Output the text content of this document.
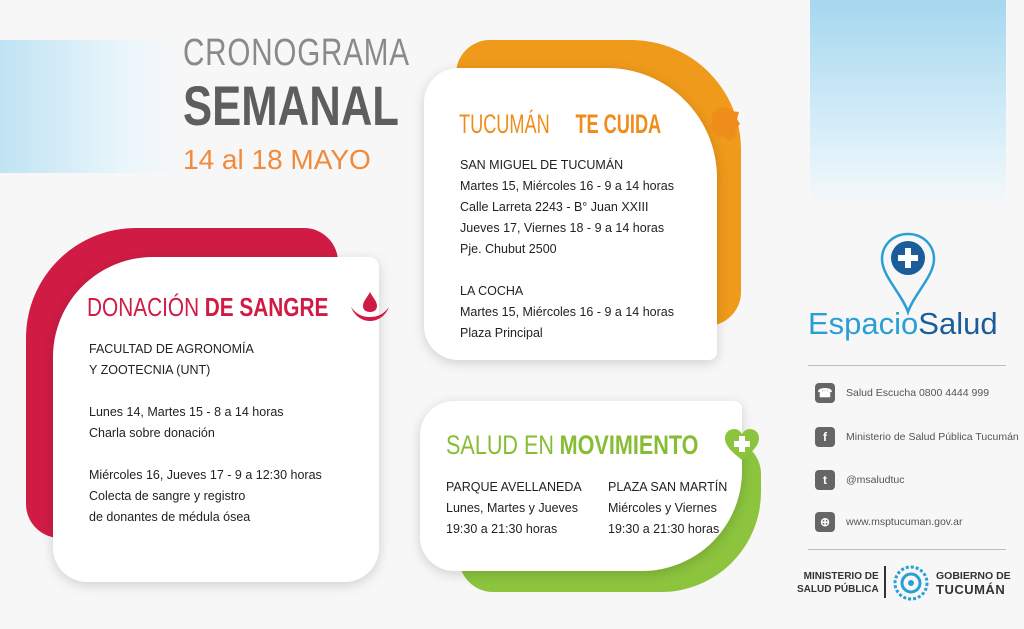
CRONOGRAMA
SEMANAL
14 al 18 MAYO
TUCUMÁN TE CUIDA
SAN MIGUEL DE TUCUMÁN
Martes 15, Miércoles 16 - 9 a 14 horas
Calle Larreta 2243 - B° Juan XXIII
Jueves 17, Viernes 18 - 9 a 14 horas
Pje. Chubut 2500
LA COCHA
Martes 15, Miércoles 16 - 9 a 14 horas
Plaza Principal
DONACIÓN DE SANGRE
FACULTAD DE AGRONOMÍA
Y ZOOTECNIA (UNT)
Lunes 14, Martes 15 - 8 a 14 horas
Charla sobre donación
Miércoles 16, Jueves 17 - 9 a 12:30 horas
Colecta de sangre y registro
de donantes de médula ósea
SALUD EN MOVIMIENTO
PARQUE AVELLANEDA
Lunes, Martes y Jueves
19:30 a 21:30 horas
PLAZA SAN MARTÍN
Miércoles y Viernes
19:30 a 21:30 horas
EspacioSalud
☎ Salud Escucha 0800 4444 999
f	Ministerio de Salud Pública Tucumán
t	@msaludtuc
⊕	www.msptucuman.gov.ar
MINISTERIO DE
SALUD PÚBLICA
GOBIERNO DE
TUCUMÁN
